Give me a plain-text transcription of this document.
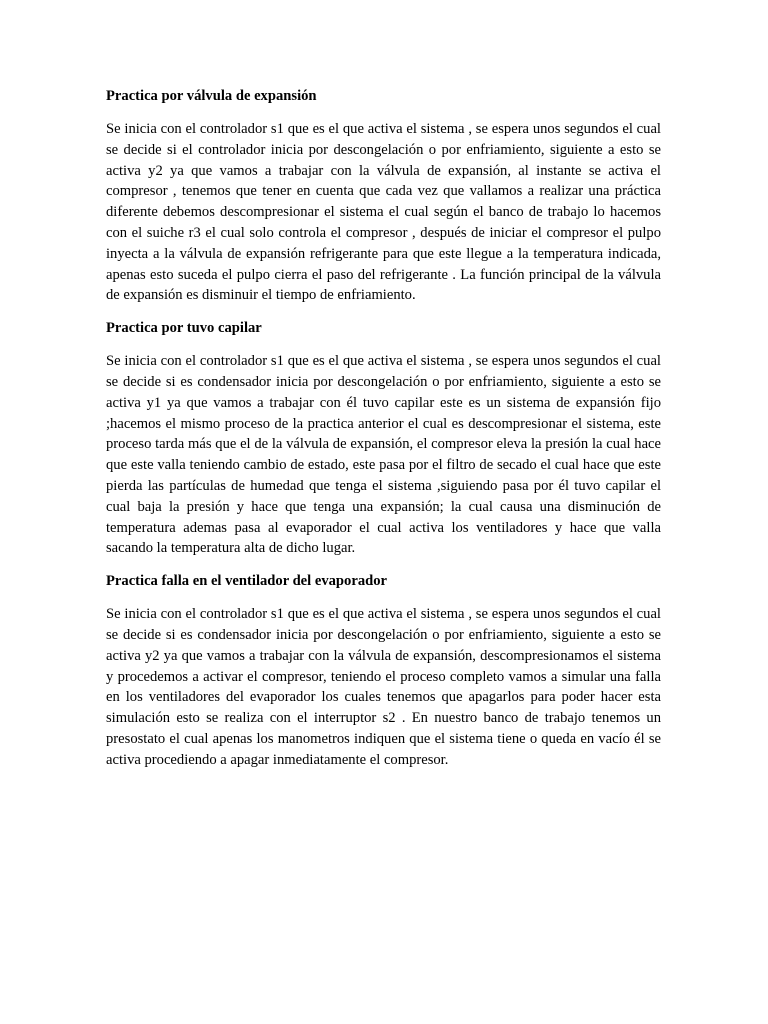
Practica por válvula de expansión

Se inicia con el controlador s1 que es el que activa el sistema , se espera unos segundos el cual se decide si el controlador inicia por descongelación o por enfriamiento, siguiente a esto se activa y2 ya que vamos a trabajar con la válvula de expansión, al instante se activa el compresor , tenemos que tener en cuenta que cada vez que vallamos a realizar una práctica diferente debemos descompresionar el sistema el cual según el banco de trabajo lo hacemos con el suiche r3 el cual solo controla el compresor , después de iniciar el compresor el pulpo inyecta a la válvula de expansión refrigerante para que este llegue a la temperatura indicada, apenas esto suceda el pulpo cierra el paso del refrigerante . La función principal de la válvula de expansión es disminuir el tiempo de enfriamiento.

Practica por tuvo capilar

Se inicia con el controlador s1 que es el que activa el sistema , se espera unos segundos el cual se decide si es condensador inicia por descongelación o por enfriamiento, siguiente a esto se activa y1 ya que vamos a trabajar con él tuvo capilar este es un sistema de expansión fijo ;hacemos el mismo proceso de la practica anterior el cual es descompresionar el sistema, este proceso tarda más que el de la válvula de expansión, el compresor eleva la presión la cual hace que este valla teniendo cambio de estado, este pasa por el filtro de secado el cual hace que este pierda las partículas de humedad que tenga el sistema ,siguiendo pasa por él tuvo capilar el cual baja la presión y hace que tenga una expansión; la cual causa una disminución de temperatura ademas pasa al evaporador el cual activa los ventiladores y hace que valla sacando la temperatura alta de dicho lugar.

Practica falla en el ventilador del evaporador

Se inicia con el controlador s1 que es el que activa el sistema , se espera unos segundos el cual se decide si es condensador inicia por descongelación o por enfriamiento, siguiente a esto se activa y2 ya que vamos a trabajar con la válvula de expansión, descompresionamos el sistema y procedemos a activar el compresor, teniendo el proceso completo vamos a simular una falla en los ventiladores del evaporador los cuales tenemos que apagarlos para poder hacer esta simulación esto se realiza con el interruptor s2 . En nuestro banco de trabajo tenemos un presostato el cual apenas los manometros indiquen que el sistema tiene o queda en vacío él se activa procediendo a apagar inmediatamente el compresor.
